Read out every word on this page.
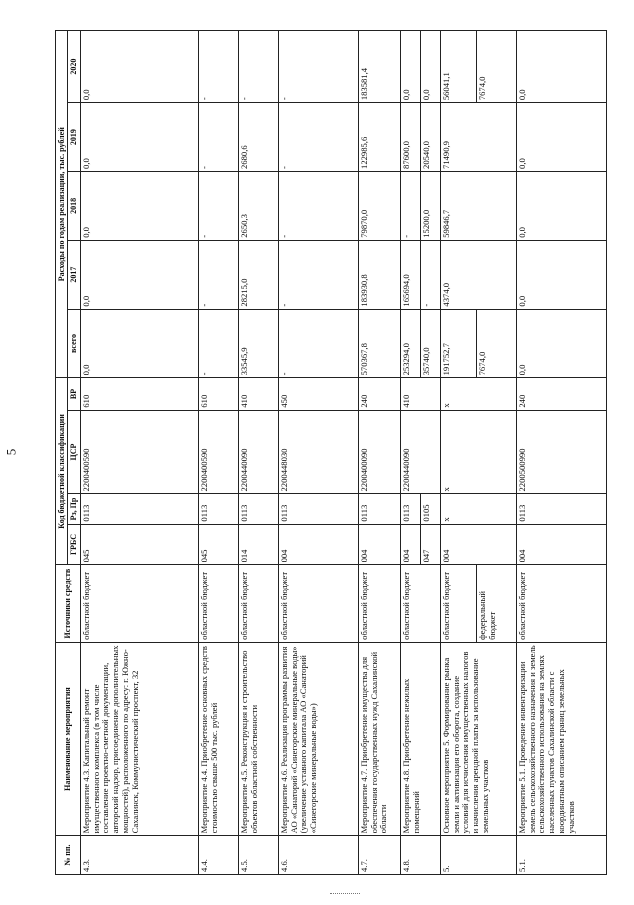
5
№ пп.	Наименование мероприятия	Источники средств	Код бюджетной классификации				Расходы по годам реализации, тыс. рублей				
			ГРБС	Рз, Пр	ЦСР	ВР	всего	2017	2018	2019	2020
4.3.	Мероприятие 4.3. Капитальный ремонт имущественного комплекса (в том числе составление проектно-сметной документации, авторский надзор, присоединение дополнительных мощностей), расположенного по адресу: г. Южно-Сахалинск, Коммунистический проспект, 32	областной бюджет	045	0113	2200400590	610	0,0	0,0	0,0	0,0	0,0
4.4.	Мероприятие 4.4. Приобретение основных средств стоимостью свыше 500 тыс. рублей	областной бюджет	045	0113	2200400590	610	-	-	-	-	-
4.5.	Мероприятие 4.5. Реконструкция и строительство объектов областной собственности	областной бюджет	014	0113	2200440090	410	33545,9	28215,0	2650,3	2680,6	-
4.6.	Мероприятие 4.6. Реализация программы развития АО «Санаторий «Синегорские минеральные воды» (увеличение уставного капитала АО «Санаторий «Синегорские минеральные воды»)	областной бюджет	004	0113	2200448030	450	-	-	-	-	-
4.7.	Мероприятие 4.7. Приобретение имущества для обеспечения государственных нужд Сахалинской области	областной бюджет	004	0113	2200400090	240	570367,8	183930,8	79870,0	122985,6	183581,4
4.8.	Мероприятие 4.8. Приобретение нежилых помещений	областной бюджет	004	0113	2200440090	410	253294,0	165694,0	-	87600,0	0,0
			047	0105			35740,0	-	15200,0	20540,0	0,0
5.	Основное мероприятие 5. Формирование рынка земли и активизация его оборота, создание условий для исчисления имущественных налогов и начисления арендной платы за использование земельных участков	областной бюджет	004	х	х	х	191752,7	4374,0	59846,7	71490,9	56041,1
		федеральный бюджет					7674,0				7674,0
5.1.	Мероприятие 5.1. Проведение инвентаризации земель сельскохозяйственного назначения и земель сельскохозяйственного использования на землях населенных пунктов Сахалинской области с координатным описанием границ земельных участков	областной бюджет	004	0113	2200500990	240	0,0	0,0	0,0	0,0	0,0
